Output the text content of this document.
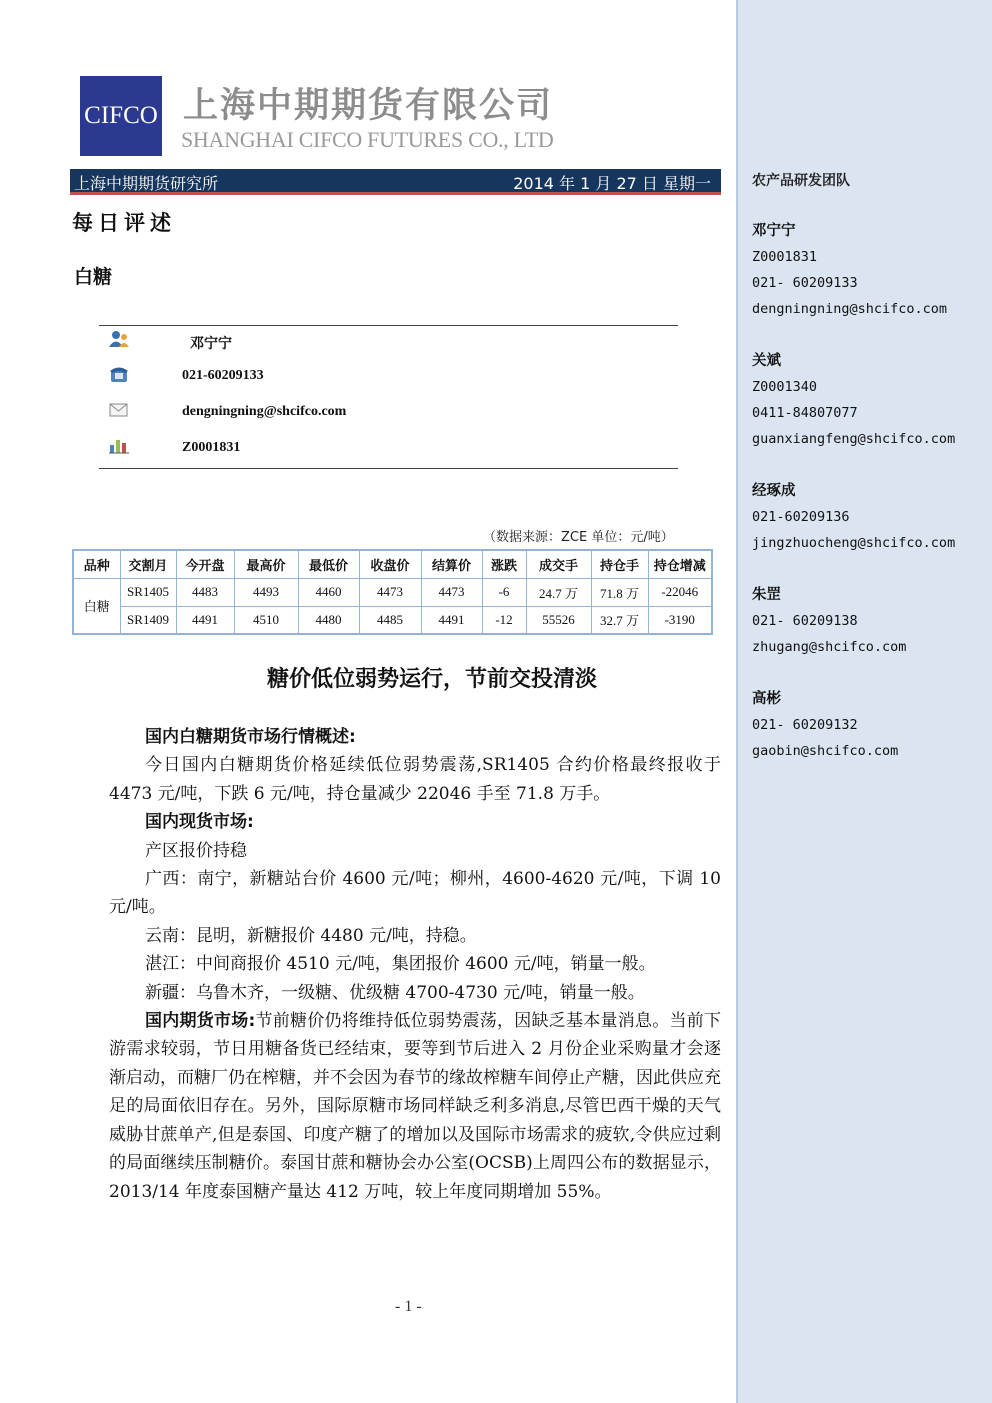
农产品研发团队
邓宁宁
Z0001831
021- 60209133
dengningning@shcifco.com
关斌
Z0001340
0411-84807077
guanxiangfeng@shcifco.com
经琢成
021-60209136
jingzhuocheng@shcifco.com
朱罡
021- 60209138
zhugang@shcifco.com
高彬
021- 60209132
gaobin@shcifco.com
CIFCO 上海中期期货有限公司
SHANGHAI CIFCO FUTURES CO., LTD
上海中期期货研究所	2014 年 1 月 27 日 星期一
每日评述
白糖
邓宁宁
021-60209133
dengningning@shcifco.com
Z0001831
（数据来源：ZCE 单位：元/吨）
品种	交割月	今开盘	最高价	最低价	收盘价	结算价	涨跌	成交手	持仓手	持仓增减
白糖	SR1405	4483	4493	4460	4473	4473	-6	24.7 万	71.8 万	-22046
	SR1409	4491	4510	4480	4485	4491	-12	55526	32.7 万	-3190
糖价低位弱势运行，节前交投清淡

国内白糖期货市场行情概述:

今日国内白糖期货价格延续低位弱势震荡,SR1405 合约价格最终报收于 4473 元/吨，下跌 6 元/吨，持仓量减少 22046 手至 71.8 万手。

国内现货市场:

产区报价持稳

广西：南宁，新糖站台价 4600 元/吨；柳州，4600-4620 元/吨，下调 10 元/吨。

云南：昆明，新糖报价 4480 元/吨，持稳。

湛江：中间商报价 4510 元/吨，集团报价 4600 元/吨，销量一般。

新疆：乌鲁木齐，一级糖、优级糖 4700-4730 元/吨，销量一般。

国内期货市场:节前糖价仍将维持低位弱势震荡，因缺乏基本量消息。当前下游需求较弱，节日用糖备货已经结束，要等到节后进入 2 月份企业采购量才会逐渐启动，而糖厂仍在榨糖，并不会因为春节的缘故榨糖车间停止产糖，因此供应充足的局面依旧存在。另外，国际原糖市场同样缺乏利多消息,尽管巴西干燥的天气威胁甘蔗单产,但是泰国、印度产糖了的增加以及国际市场需求的疲软,令供应过剩的局面继续压制糖价。泰国甘蔗和糖协会办公室(OCSB)上周四公布的数据显示，2013/14 年度泰国糖产量达 412 万吨，较上年度同期增加 55%。

- 1 -
